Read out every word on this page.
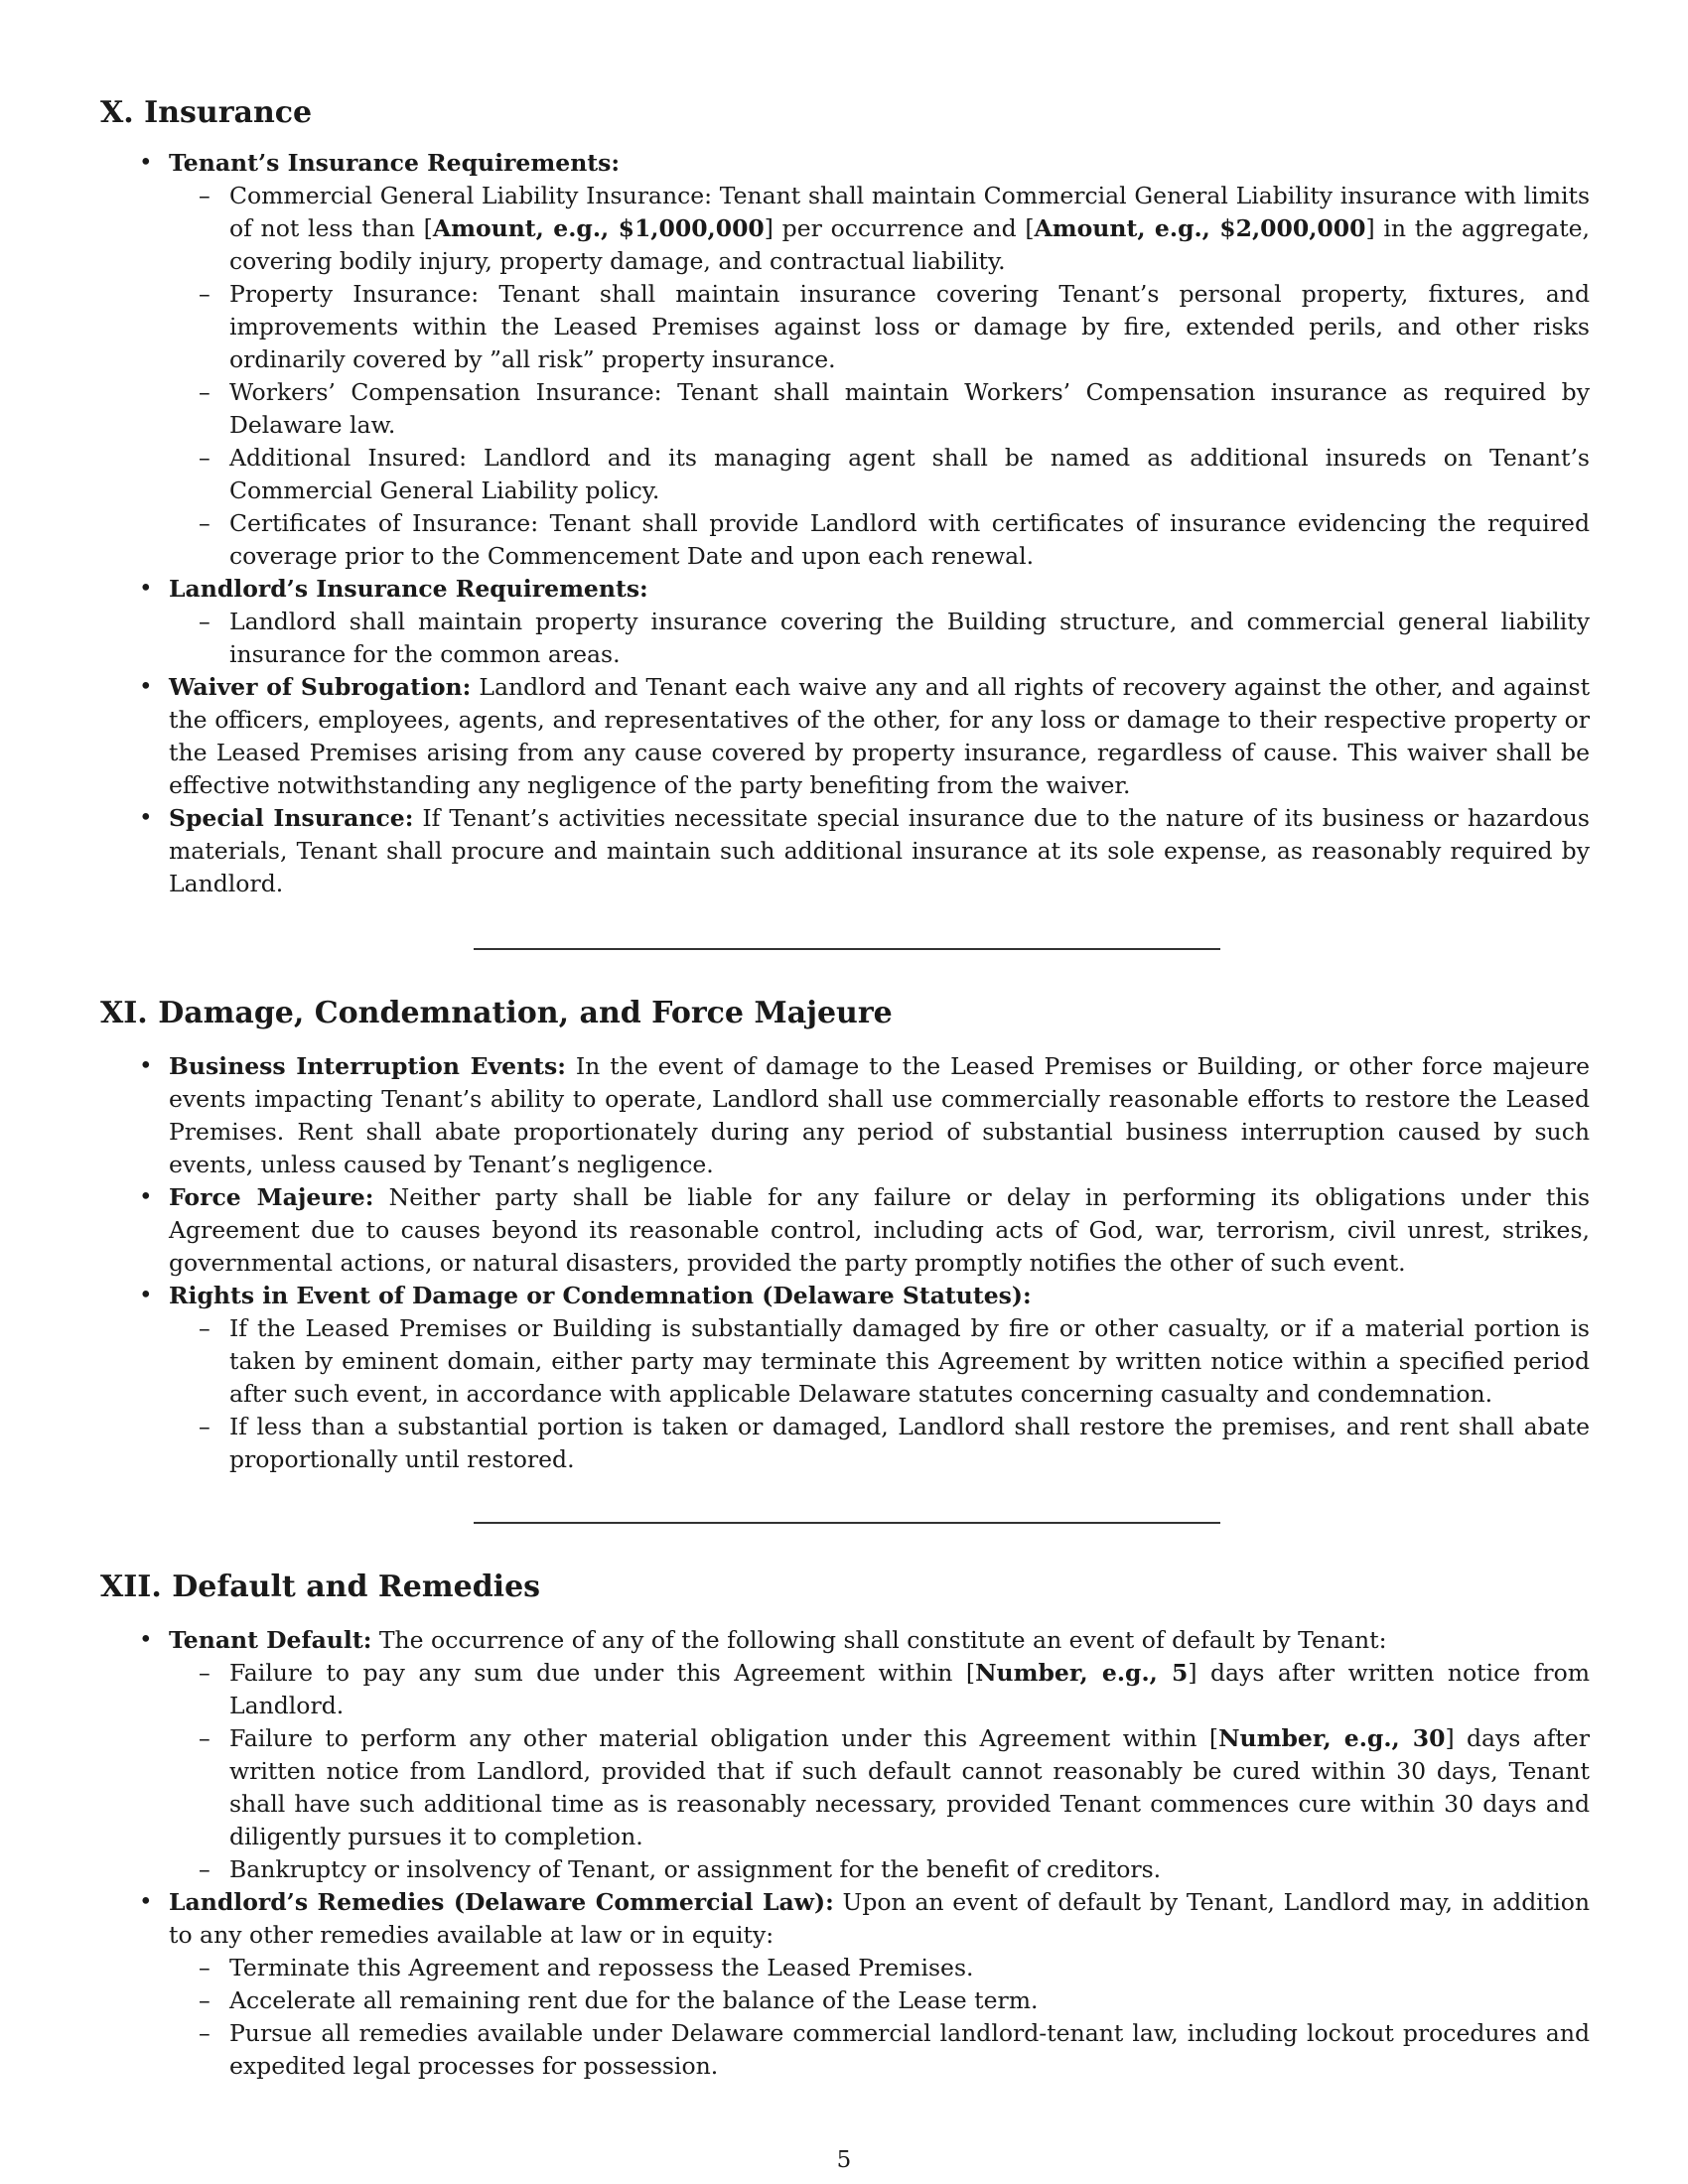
X. Insurance
• Tenant’s Insurance Requirements:
– Commercial General Liability Insurance: Tenant shall maintain Commercial General Liability insurance with limits of not less than [Amount, e.g., $1,000,000] per occurrence and [Amount, e.g., $2,000,000] in the aggregate, covering bodily injury, property damage, and contractual liability.
– Property Insurance: Tenant shall maintain insurance covering Tenant’s personal property, fixtures, and improvements within the Leased Premises against loss or damage by fire, extended perils, and other risks ordinarily covered by ”all risk” property insurance.
– Workers’ Compensation Insurance: Tenant shall maintain Workers’ Compensation insurance as required by Delaware law.
– Additional Insured: Landlord and its managing agent shall be named as additional insureds on Tenant’s Commercial General Liability policy.
– Certificates of Insurance: Tenant shall provide Landlord with certificates of insurance evidencing the required coverage prior to the Commencement Date and upon each renewal.
• Landlord’s Insurance Requirements:
– Landlord shall maintain property insurance covering the Building structure, and commercial general liability insurance for the common areas.
• Waiver of Subrogation: Landlord and Tenant each waive any and all rights of recovery against the other, and against the officers, employees, agents, and representatives of the other, for any loss or damage to their respective property or the Leased Premises arising from any cause covered by property insurance, regardless of cause. This waiver shall be effective notwithstanding any negligence of the party benefiting from the waiver.
• Special Insurance: If Tenant’s activities necessitate special insurance due to the nature of its business or hazardous materials, Tenant shall procure and maintain such additional insurance at its sole expense, as reasonably required by Landlord.
XI. Damage, Condemnation, and Force Majeure
• Business Interruption Events: In the event of damage to the Leased Premises or Building, or other force majeure events impacting Tenant’s ability to operate, Landlord shall use commercially reasonable efforts to restore the Leased Premises. Rent shall abate proportionately during any period of substantial business interruption caused by such events, unless caused by Tenant’s negligence.
• Force Majeure: Neither party shall be liable for any failure or delay in performing its obligations under this Agreement due to causes beyond its reasonable control, including acts of God, war, terrorism, civil unrest, strikes, governmental actions, or natural disasters, provided the party promptly notifies the other of such event.
• Rights in Event of Damage or Condemnation (Delaware Statutes):
– If the Leased Premises or Building is substantially damaged by fire or other casualty, or if a material portion is taken by eminent domain, either party may terminate this Agreement by written notice within a specified period after such event, in accordance with applicable Delaware statutes concerning casualty and condemnation.
– If less than a substantial portion is taken or damaged, Landlord shall restore the premises, and rent shall abate proportionally until restored.
XII. Default and Remedies
• Tenant Default: The occurrence of any of the following shall constitute an event of default by Tenant:
– Failure to pay any sum due under this Agreement within [Number, e.g., 5] days after written notice from Landlord.
– Failure to perform any other material obligation under this Agreement within [Number, e.g., 30] days after written notice from Landlord, provided that if such default cannot reasonably be cured within 30 days, Tenant shall have such additional time as is reasonably necessary, provided Tenant commences cure within 30 days and diligently pursues it to completion.
– Bankruptcy or insolvency of Tenant, or assignment for the benefit of creditors.
• Landlord’s Remedies (Delaware Commercial Law): Upon an event of default by Tenant, Landlord may, in addition to any other remedies available at law or in equity:
– Terminate this Agreement and repossess the Leased Premises.
– Accelerate all remaining rent due for the balance of the Lease term.
– Pursue all remedies available under Delaware commercial landlord-tenant law, including lockout procedures and expedited legal processes for possession.
5
